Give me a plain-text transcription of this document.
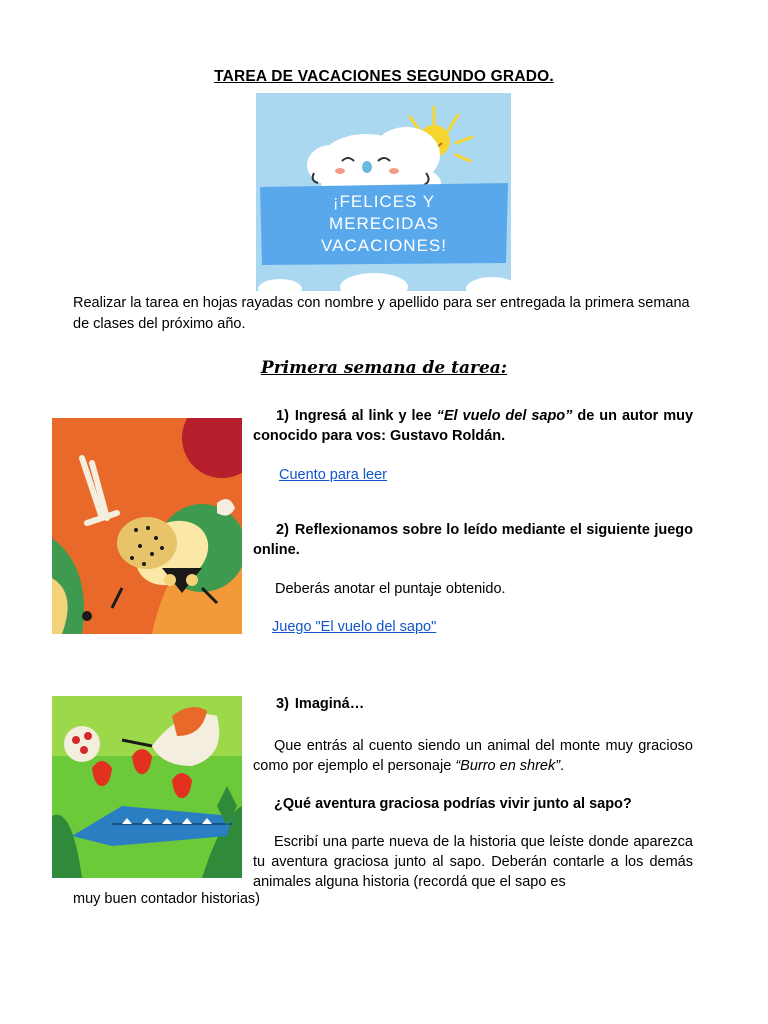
TAREA DE VACACIONES SEGUNDO GRADO.
¡FELICES Y
MERECIDAS
VACACIONES!
Realizar la tarea en hojas rayadas con nombre y apellido para ser entregada la primera semana de clases del próximo año.
Primera semana de tarea:
1) Ingresá al link y lee “El vuelo del sapo” de un autor muy conocido para vos: Gustavo Roldán.
Cuento para leer
2) Reflexionamos sobre lo leído mediante el siguiente juego online.
Deberás anotar el puntaje obtenido.
Juego "El vuelo del sapo"
3) Imaginá…
Que entrás al cuento siendo un animal del monte muy gracioso como por ejemplo el personaje “Burro en shrek”.
¿Qué aventura graciosa podrías vivir junto al sapo?
Escribí una parte nueva de la historia que leíste donde aparezca tu aventura graciosa junto al sapo. Deberán contarle a los demás animales alguna historia (recordá que el sapo es
muy buen contador historias)
